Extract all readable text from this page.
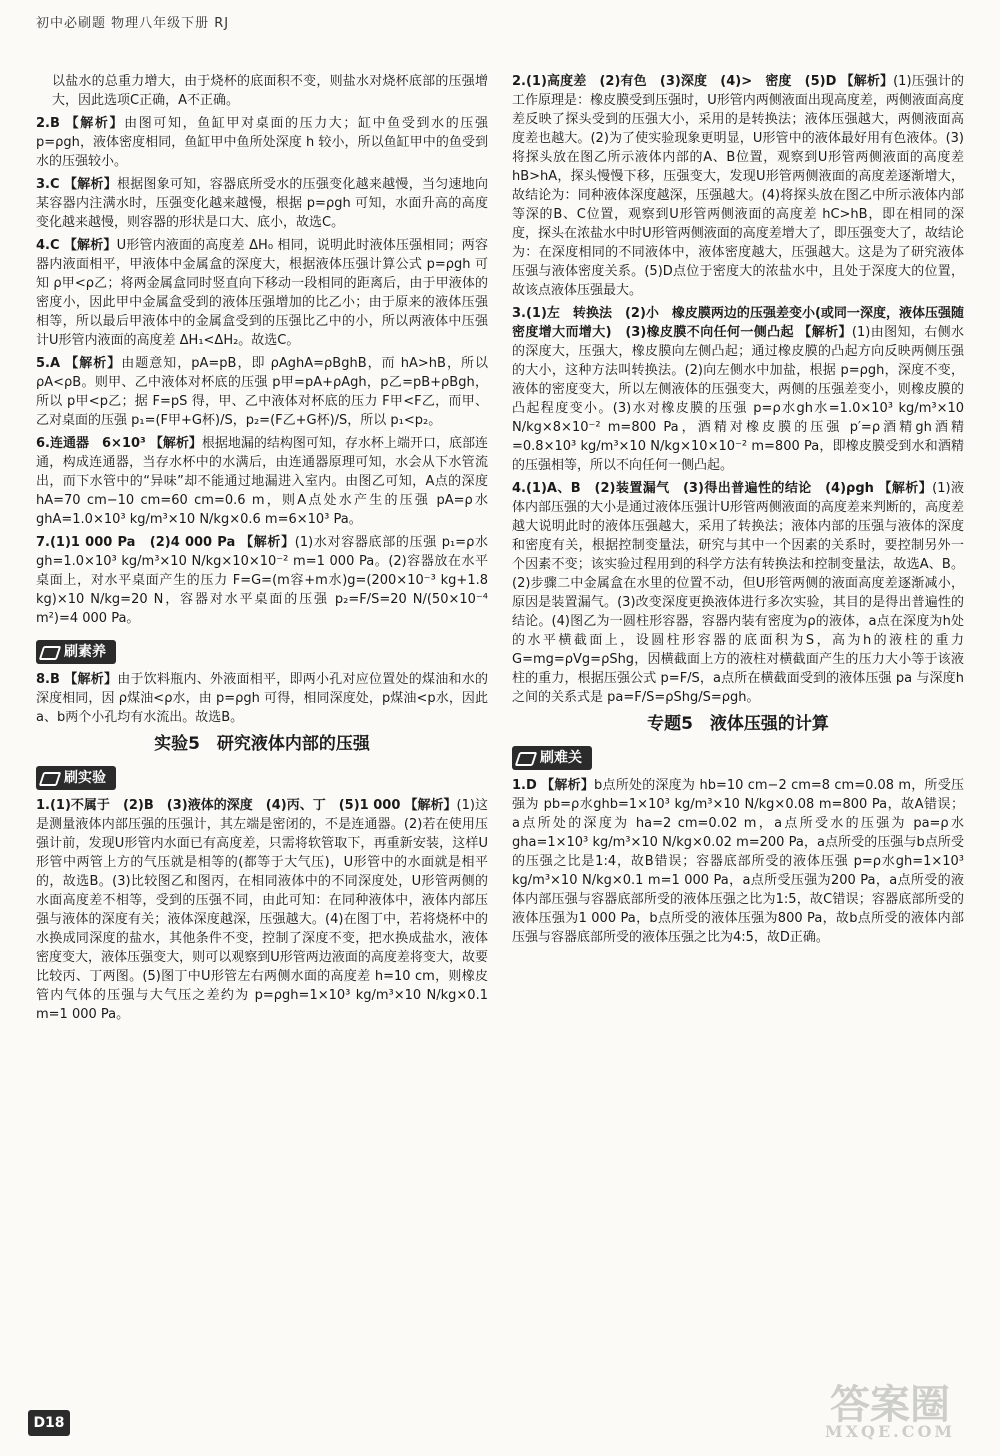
初中必刷题 物理八年级下册 RJ
以盐水的总重力增大，由于烧杯的底面积不变，则盐水对烧杯底部的压强增大，因此选项C正确，A不正确。
2.B 【解析】由图可知，鱼缸甲对桌面的压力大；缸中鱼受到水的压强 p=ρgh，液体密度相同，鱼缸甲中鱼所处深度 h 较小，所以鱼缸甲中的鱼受到水的压强较小。
3.C 【解析】根据图象可知，容器底所受水的压强变化越来越慢，当匀速地向某容器内注满水时，压强变化越来越慢，根据 p=ρgh 可知，水面升高的高度变化越来越慢，则容器的形状是口大、底小，故选C。
4.C 【解析】U形管内液面的高度差 ΔH₀ 相同，说明此时液体压强相同；两容器内液面相平，甲液体中金属盒的深度大，根据液体压强计算公式 p=ρgh 可知 ρ甲<ρ乙；将两金属盒同时竖直向下移动一段相同的距离后，由于甲液体的密度小，因此甲中金属盒受到的液体压强增加的比乙小；由于原来的液体压强相等，所以最后甲液体中的金属盒受到的压强比乙中的小，所以两液体中压强计U形管内液面的高度差 ΔH₁<ΔH₂。故选C。
5.A 【解析】由题意知，pA=pB，即 ρAghA=ρBghB，而 hA>hB，所以 ρA<ρB。则甲、乙中液体对杯底的压强 p甲=pA+ρAgh，p乙=pB+ρBgh，所以 p甲<p乙；据 F=pS 得，甲、乙中液体对杯底的压力 F甲<F乙，而甲、乙对桌面的压强 p₁=(F甲+G杯)/S，p₂=(F乙+G杯)/S，所以 p₁<p₂。
6.连通器　6×10³ 【解析】根据地漏的结构图可知，存水杯上端开口，底部连通，构成连通器，当存水杯中的水满后，由连通器原理可知，水会从下水管流出，而下水管中的“异味”却不能通过地漏进入室内。由图乙可知，A点的深度 hA=70 cm−10 cm=60 cm=0.6 m，则A点处水产生的压强 pA=ρ水ghA=1.0×10³ kg/m³×10 N/kg×0.6 m=6×10³ Pa。
7.(1)1 000 Pa　(2)4 000 Pa 【解析】(1)水对容器底部的压强 p₁=ρ水gh=1.0×10³ kg/m³×10 N/kg×10×10⁻² m=1 000 Pa。(2)容器放在水平桌面上，对水平桌面产生的压力 F=G=(m容+m水)g=(200×10⁻³ kg+1.8 kg)×10 N/kg=20 N，容器对水平桌面的压强 p₂=F/S=20 N/(50×10⁻⁴ m²)=4 000 Pa。
刷素养
8.B 【解析】由于饮料瓶内、外液面相平，即两小孔对应位置处的煤油和水的深度相同，因 ρ煤油<ρ水，由 p=ρgh 可得，相同深度处，p煤油<p水，因此a、b两个小孔均有水流出。故选B。
实验5　研究液体内部的压强
刷实验
1.(1)不属于　(2)B　(3)液体的深度　(4)丙、丁　(5)1 000 【解析】(1)这是测量液体内部压强的压强计，其左端是密闭的，不是连通器。(2)若在使用压强计前，发现U形管内水面已有高度差，只需将软管取下，再重新安装，这样U形管中两管上方的气压就是相等的(都等于大气压)，U形管中的水面就是相平的，故选B。(3)比较图乙和图丙，在相同液体中的不同深度处，U形管两侧的水面高度差不相等，受到的压强不同，由此可知：在同种液体中，液体内部压强与液体的深度有关；液体深度越深，压强越大。(4)在图丁中，若将烧杯中的水换成同深度的盐水，其他条件不变，控制了深度不变，把水换成盐水，液体密度变大，液体压强变大，则可以观察到U形管两边液面的高度差将变大，故要比较丙、丁两图。(5)图丁中U形管左右两侧水面的高度差 h=10 cm，则橡皮管内气体的压强与大气压之差约为 p=ρgh=1×10³ kg/m³×10 N/kg×0.1 m=1 000 Pa。
2.(1)高度差　(2)有色　(3)深度　(4)>　密度　(5)D 【解析】(1)压强计的工作原理是：橡皮膜受到压强时，U形管内两侧液面出现高度差，两侧液面高度差反映了探头受到的压强大小，采用的是转换法；液体压强越大，两侧液面高度差也越大。(2)为了使实验现象更明显，U形管中的液体最好用有色液体。(3)将探头放在图乙所示液体内部的A、B位置，观察到U形管两侧液面的高度差 hB>hA，探头慢慢下移，压强变大，发现U形管两侧液面的高度差逐渐增大，故结论为：同种液体深度越深，压强越大。(4)将探头放在图乙中所示液体内部等深的B、C位置，观察到U形管两侧液面的高度差 hC>hB，即在相同的深度，探头在浓盐水中时U形管两侧液面的高度差增大了，即压强变大了，故结论为：在深度相同的不同液体中，液体密度越大，压强越大。这是为了研究液体压强与液体密度关系。(5)D点位于密度大的浓盐水中，且处于深度大的位置，故该点液体压强最大。
3.(1)左　转换法　(2)小　橡皮膜两边的压强差变小(或同一深度，液体压强随密度增大而增大)　(3)橡皮膜不向任何一侧凸起 【解析】(1)由图知，右侧水的深度大，压强大，橡皮膜向左侧凸起；通过橡皮膜的凸起方向反映两侧压强的大小，这种方法叫转换法。(2)向左侧水中加盐，根据 p=ρgh，深度不变，液体的密度变大，所以左侧液体的压强变大，两侧的压强差变小，则橡皮膜的凸起程度变小。(3)水对橡皮膜的压强 p=ρ水gh水=1.0×10³ kg/m³×10 N/kg×8×10⁻² m=800 Pa，酒精对橡皮膜的压强 p′=ρ酒精gh酒精=0.8×10³ kg/m³×10 N/kg×10×10⁻² m=800 Pa，即橡皮膜受到水和酒精的压强相等，所以不向任何一侧凸起。
4.(1)A、B　(2)装置漏气　(3)得出普遍性的结论　(4)ρgh 【解析】(1)液体内部压强的大小是通过液体压强计U形管两侧液面的高度差来判断的，高度差越大说明此时的液体压强越大，采用了转换法；液体内部的压强与液体的深度和密度有关，根据控制变量法，研究与其中一个因素的关系时，要控制另外一个因素不变；该实验过程用到的科学方法有转换法和控制变量法，故选A、B。(2)步骤二中金属盒在水里的位置不动，但U形管两侧的液面高度差逐渐减小，原因是装置漏气。(3)改变深度更换液体进行多次实验，其目的是得出普遍性的结论。(4)图乙为一圆柱形容器，容器内装有密度为ρ的液体，a点在深度为h处的水平横截面上，设圆柱形容器的底面积为S，高为h的液柱的重力 G=mg=ρVg=ρShg，因横截面上方的液柱对横截面产生的压力大小等于该液柱的重力，根据压强公式 p=F/S，a点所在横截面受到的液体压强 pa 与深度h之间的关系式是 pa=F/S=ρShg/S=ρgh。
专题5　液体压强的计算
刷难关
1.D 【解析】b点所处的深度为 hb=10 cm−2 cm=8 cm=0.08 m，所受压强为 pb=ρ水ghb=1×10³ kg/m³×10 N/kg×0.08 m=800 Pa，故A错误；a点所处的深度为 ha=2 cm=0.02 m，a点所受水的压强为 pa=ρ水gha=1×10³ kg/m³×10 N/kg×0.02 m=200 Pa，a点所受的压强与b点所受的压强之比是1:4，故B错误；容器底部所受的液体压强 p=ρ水gh=1×10³ kg/m³×10 N/kg×0.1 m=1 000 Pa，a点所受压强为200 Pa，a点所受的液体内部压强与容器底部所受的液体压强之比为1:5，故C错误；容器底部所受的液体压强为1 000 Pa，b点所受的液体压强为800 Pa，故b点所受的液体内部压强与容器底部所受的液体压强之比为4:5，故D正确。
D18	答案圈
MXQE.COM
